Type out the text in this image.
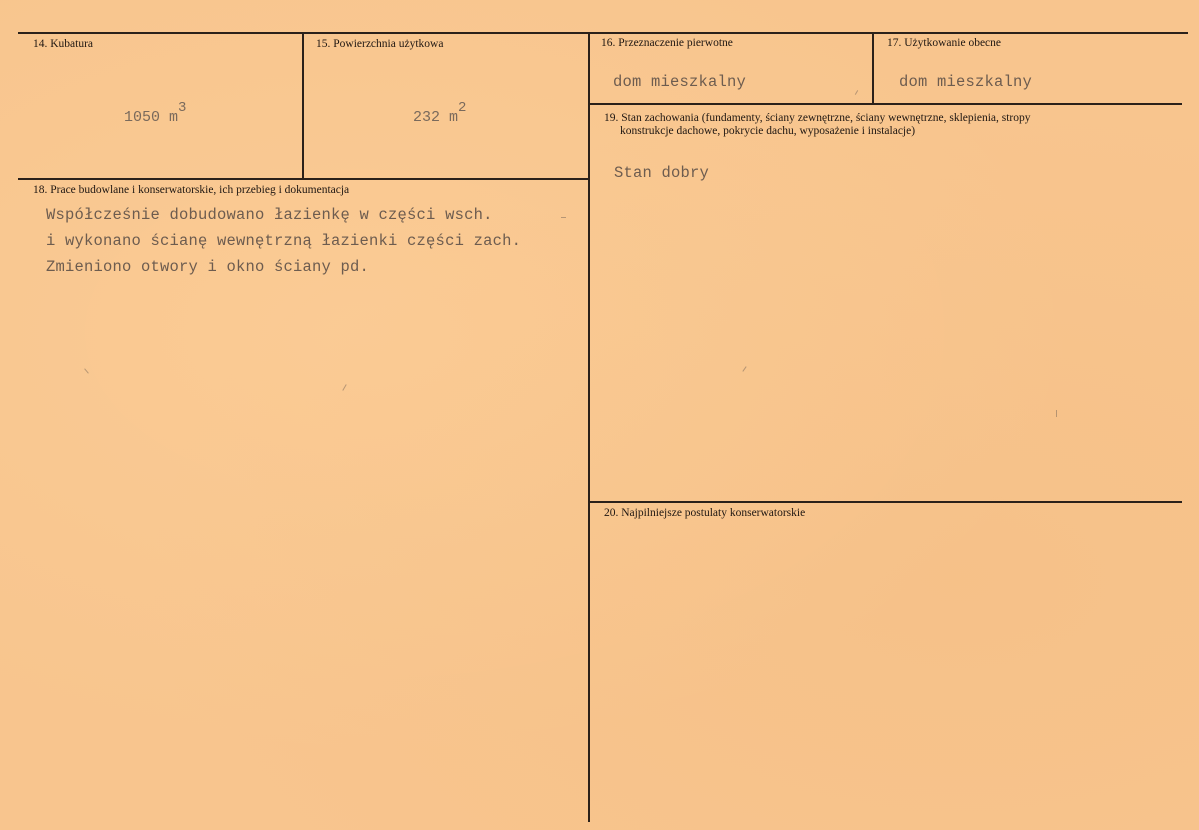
14. Kubatura
1050 $m^3$
15. Powierzchnia użytkowa
232 $m^2$
16. Przeznaczenie pierwotne
dom mieszkalny
17. Użytkowanie obecne
dom mieszkalny
18. Prace budowlane i konserwatorskie, ich przebieg i dokumentacja
Współcześnie dobudowano łazienkę w części wsch.
i wykonano ścianę wewnętrzną łazienki części zach.
Zmieniono otwory i okno ściany pd.
19. Stan zachowania (fundamenty, ściany zewnętrzne, ściany wewnętrzne, sklepienia, stropy
konstrukcje dachowe, pokrycie dachu, wyposażenie i instalacje)
Stan dobry
20. Najpilniejsze postulaty konserwatorskie
